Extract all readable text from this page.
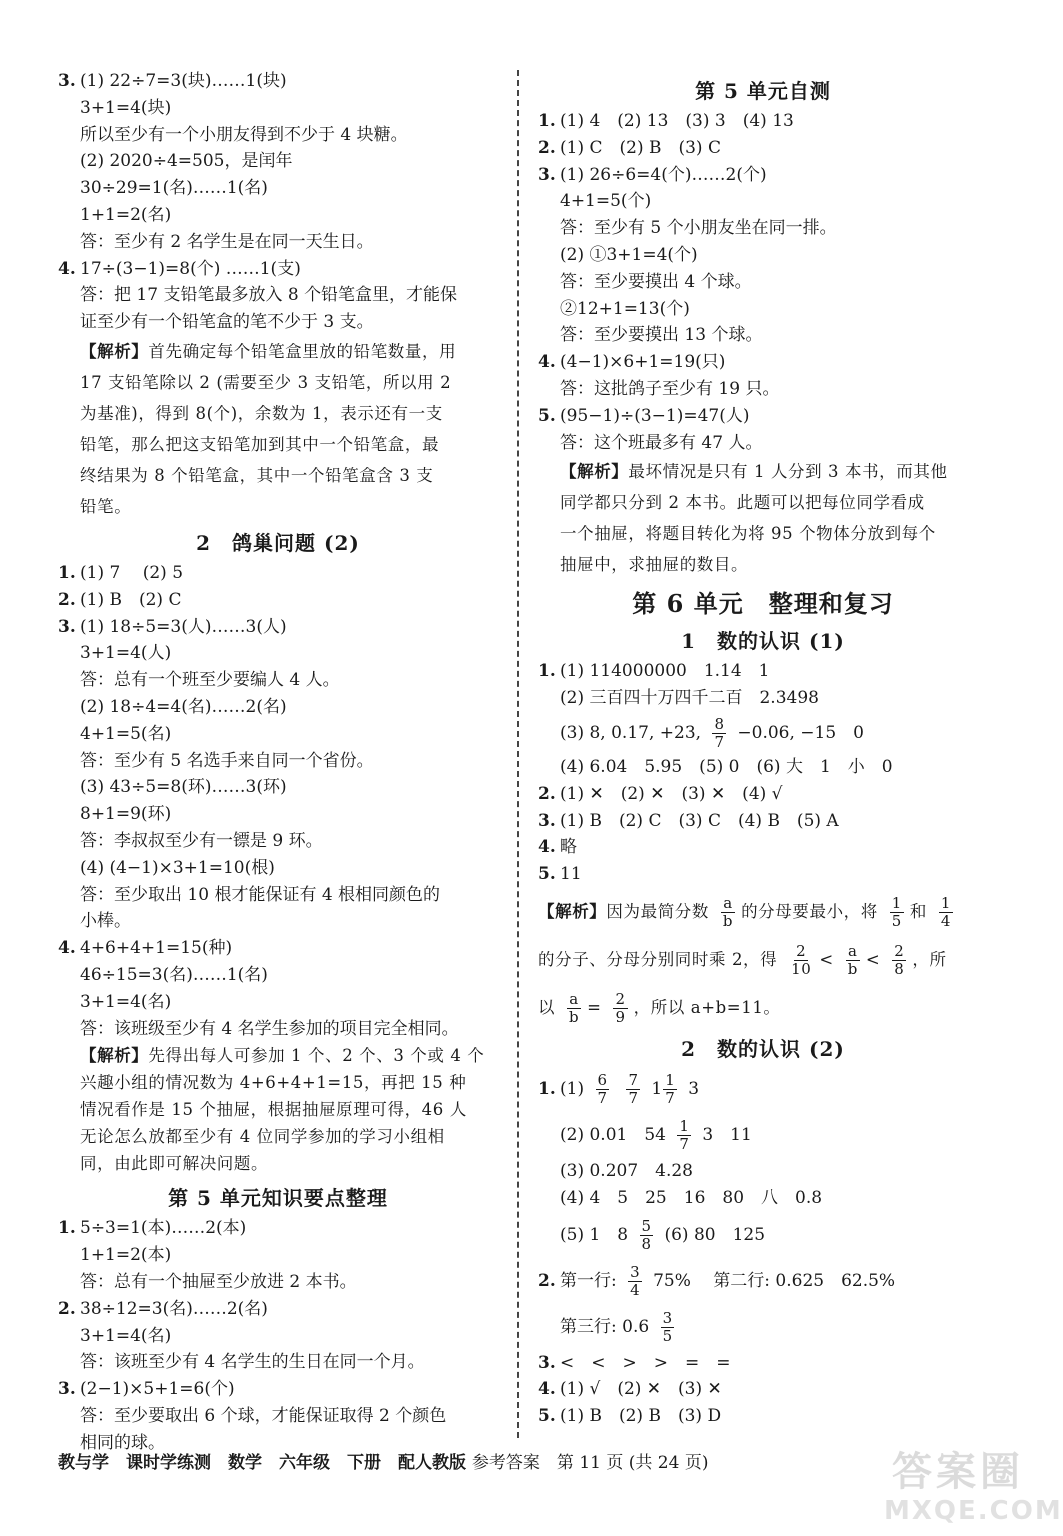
3. (1) 22÷7=3(块)……1(块)
3+1=4(块)
所以至少有一个小朋友得到不少于 4 块糖。
(2) 2020÷4=505，是闰年
30÷29=1(名)……1(名)
1+1=2(名)
答：至少有 2 名学生是在同一天生日。
4. 17÷(3−1)=8(个) ……1(支)
答：把 17 支铅笔最多放入 8 个铅笔盒里，才能保
证至少有一个铅笔盒的笔不少于 3 支。
【解析】首先确定每个铅笔盒里放的铅笔数量，用
17 支铅笔除以 2 (需要至少 3 支铅笔，所以用 2
为基准)，得到 8(个)，余数为 1，表示还有一支
铅笔，那么把这支铅笔加到其中一个铅笔盒，最
终结果为 8 个铅笔盒，其中一个铅笔盒含 3 支
铅笔。
2　鸽巢问题 (2)
1. (1) 7　 (2) 5
2. (1) B　(2) C
3. (1) 18÷5=3(人)……3(人)
3+1=4(人)
答：总有一个班至少要编人 4 人。
(2) 18÷4=4(名)……2(名)
4+1=5(名)
答：至少有 5 名选手来自同一个省份。
(3) 43÷5=8(环)……3(环)
8+1=9(环)
答：李叔叔至少有一镖是 9 环。
(4) (4−1)×3+1=10(根)
答：至少取出 10 根才能保证有 4 根相同颜色的
小棒。
4. 4+6+4+1=15(种)
46÷15=3(名)……1(名)
3+1=4(名)
答：该班级至少有 4 名学生参加的项目完全相同。
【解析】先得出每人可参加 1 个、2 个、3 个或 4 个
兴趣小组的情况数为 4+6+4+1=15，再把 15 种
情况看作是 15 个抽屉，根据抽屉原理可得，46 人
无论怎么放都至少有 4 位同学参加的学习小组相
同，由此即可解决问题。
第 5 单元知识要点整理
1. 5÷3=1(本)……2(本)
1+1=2(本)
答：总有一个抽屉至少放进 2 本书。
2. 38÷12=3(名)……2(名)
3+1=4(名)
答：该班至少有 4 名学生的生日在同一个月。
3. (2−1)×5+1=6(个)
答：至少要取出 6 个球，才能保证取得 2 个颜色
相同的球。
第 5 单元自测
1. (1) 4　(2) 13　(3) 3　(4) 13
2. (1) C　(2) B　(3) C
3. (1) 26÷6=4(个)……2(个)
4+1=5(个)
答：至少有 5 个小朋友坐在同一排。
(2) ①3+1=4(个)
答：至少要摸出 4 个球。
②12+1=13(个)
答：至少要摸出 13 个球。
4. (4−1)×6+1=19(只)
答：这批鸽子至少有 19 只。
5. (95−1)÷(3−1)=47(人)
答：这个班最多有 47 人。
【解析】最坏情况是只有 1 人分到 3 本书，而其他
同学都只分到 2 本书。此题可以把每位同学看成
一个抽屉，将题目转化为将 95 个物体分放到每个
抽屉中，求抽屉的数目。
第 6 单元　整理和复习
1　数的认识 (1)
1. (1) 114000000　1.14　1
(2) 三百四十万四千二百　2.3498
(3) 8, 0.17, +23, $\frac{8}{7} -0.06$, −15　0
(4) 6.04　5.95　(5) 0　(6) 大　1　小　0
2. (1) ✕　(2) ✕　(3) ✕　(4) √
3. (1) B　(2) C　(3) C　(4) B　(5) A
4. 略
5. 11
【解析】因为最简分数 $\frac{a}{b}$ 的分母要最小，将 $\frac{1}{5}$ 和 $\frac{1}{4}$
的分子、分母分别同时乘 2，得 $\frac{2}{10} < \frac{a}{b} < \frac{2}{8}$ ，所
以 $\frac{a}{b} = \frac{2}{9}$ ，所以 a+b=11。
2　数的认识 (2)
1. $(1) \frac{6}{7}$
$\frac{7}{7} 1 \frac{1}{7} 3$
(2) 0.01　$54 \frac{1}{7} 3$　11
(3) 0.207　4.28
(4) 4　5　25　16　80　八　0.8
(5) 1　$8 \frac{5}{8} (6)$ 80　125
2. 第一行: $\frac{3}{4} 75\%$　 第二行: 0.625　62.5%
第三行: $0.6 \frac{3}{5}$
3. <　<　>　>　=　=
4. (1) √　(2) ✕　(3) ✕
5. (1) B　(2) B　(3) D
教与学　课时学练测　数学　六年级　下册　配人教版 参考答案　第 11 页 (共 24 页)	答案圈
MXQE.COM
